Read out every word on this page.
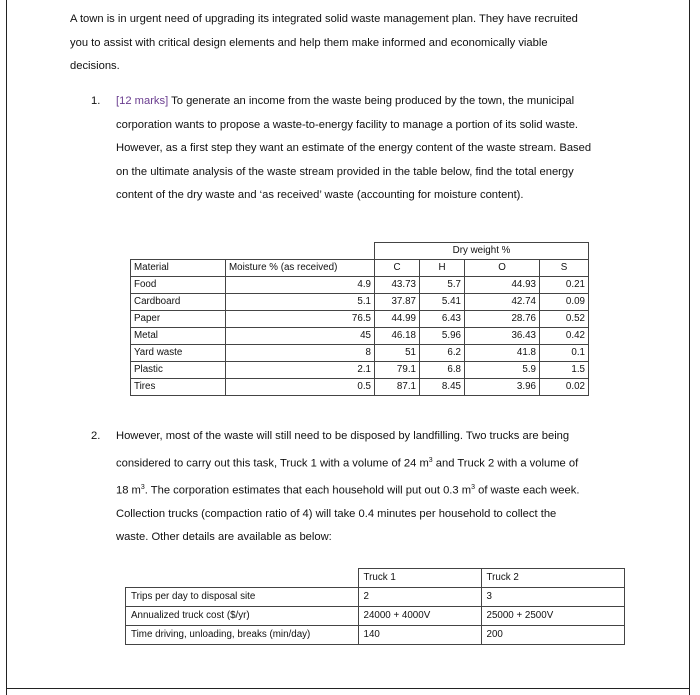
A town is in urgent need of upgrading its integrated solid waste management plan. They have recruited
you to assist with critical design elements and help them make informed and economically viable
decisions.
1. [12 marks] To generate an income from the waste being produced by the town, the municipal
corporation wants to propose a waste-to-energy facility to manage a portion of its solid waste.
However, as a first step they want an estimate of the energy content of the waste stream. Based
on the ultimate analysis of the waste stream provided in the table below, find the total energy
content of the dry waste and ‘as received’ waste (accounting for moisture content).
		Dry weight %			
Material	Moisture % (as received)	C	H	O	S
Food	4.9	43.73	5.7	44.93	0.21
Cardboard	5.1	37.87	5.41	42.74	0.09
Paper	76.5	44.99	6.43	28.76	0.52
Metal	45	46.18	5.96	36.43	0.42
Yard waste	8	51	6.2	41.8	0.1
Plastic	2.1	79.1	6.8	5.9	1.5
Tires	0.5	87.1	8.45	3.96	0.02
	Truck 1	Truck 2
Trips per day to disposal site	2	3
Annualized truck cost ($/yr)	24000 + 4000V	25000 + 2500V
Time driving, unloading, breaks (min/day)	140	200
2. However, most of the waste will still need to be disposed by landfilling. Two trucks are being
considered to carry out this task, Truck 1 with a volume of 24 $m^3$ and Truck 2 with a volume of
18 $m^3$. The corporation estimates that each household will put out 0.3 $m^3$ of waste each week.
Collection trucks (compaction ratio of 4) will take 0.4 minutes per household to collect the
waste. Other details are available as below:
